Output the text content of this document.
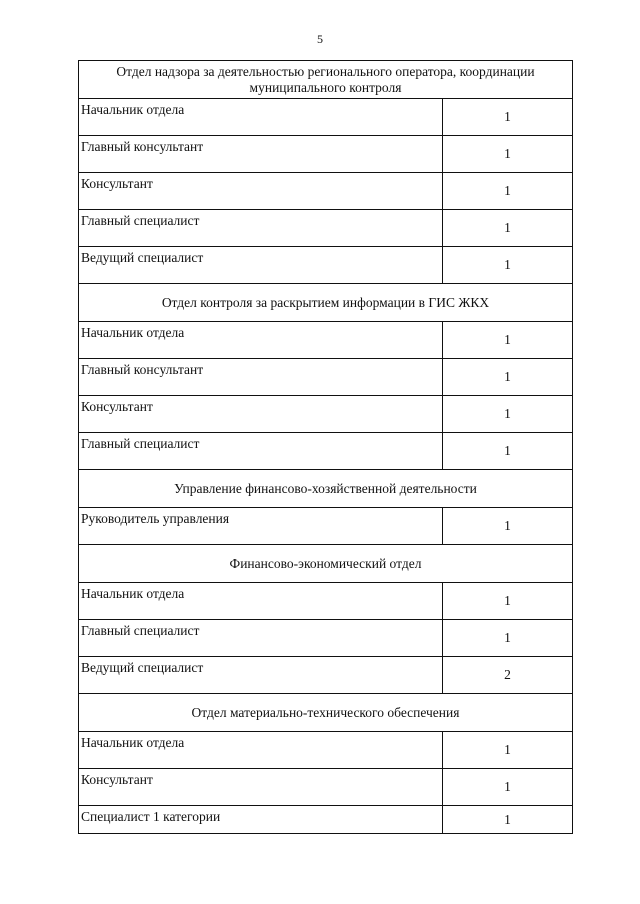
5
Отдел надзора за деятельностью регионального оператора, координации муниципального контроля	
Начальник отдела	1
Главный консультант	1
Консультант	1
Главный специалист	1
Ведущий специалист	1
Отдел контроля за раскрытием информации в ГИС ЖКХ	
Начальник отдела	1
Главный консультант	1
Консультант	1
Главный специалист	1
Управление финансово-хозяйственной деятельности	
Руководитель управления	1
Финансово-экономический отдел	
Начальник отдела	1
Главный специалист	1
Ведущий специалист	2
Отдел материально-технического обеспечения	
Начальник отдела	1
Консультант	1
Специалист 1 категории	1
